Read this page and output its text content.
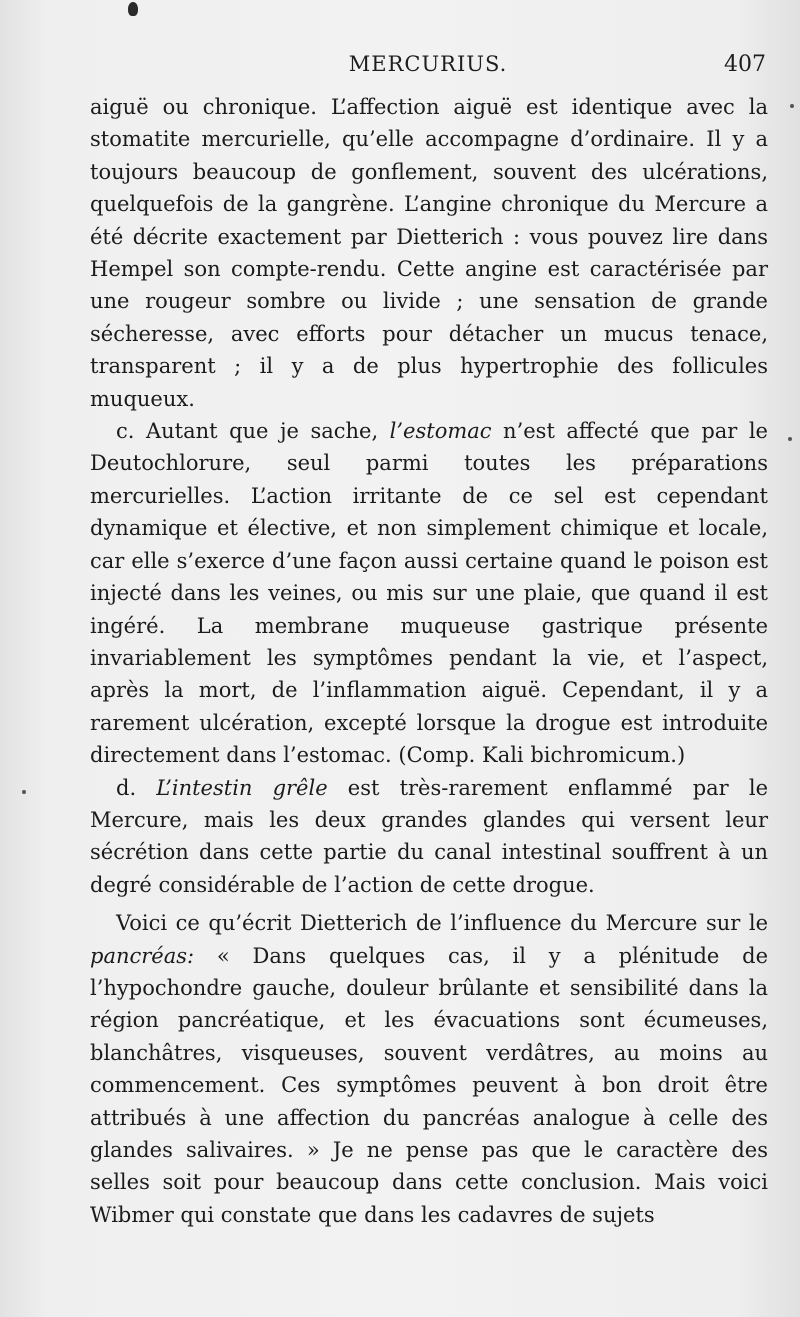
MERCURIUS.	407

aiguë ou chronique. L’affection aiguë est identique avec la stomatite mercurielle, qu’elle accompagne d’ordinaire. Il y a toujours beaucoup de gonflement, souvent des ulcérations, quelquefois de la gangrène. L’angine chronique du Mercure a été décrite exactement par Dietterich : vous pouvez lire dans Hempel son compte-rendu. Cette angine est caractérisée par une rougeur sombre ou livide ; une sensation de grande sécheresse, avec efforts pour détacher un mucus tenace, transparent ; il y a de plus hypertrophie des follicules muqueux.

c. Autant que je sache, l’estomac n’est affecté que par le Deutochlorure, seul parmi toutes les préparations mercurielles. L’action irritante de ce sel est cependant dynamique et élective, et non simplement chimique et locale, car elle s’exerce d’une façon aussi certaine quand le poison est injecté dans les veines, ou mis sur une plaie, que quand il est ingéré. La membrane muqueuse gastrique présente invariablement les symptômes pendant la vie, et l’aspect, après la mort, de l’inflammation aiguë. Cependant, il y a rarement ulcération, excepté lorsque la drogue est introduite directement dans l’estomac. (Comp. Kali bichromicum.)

d. L’intestin grêle est très-rarement enflammé par le Mercure, mais les deux grandes glandes qui versent leur sécrétion dans cette partie du canal intestinal souffrent à un degré considérable de l’action de cette drogue.

Voici ce qu’écrit Dietterich de l’influence du Mercure sur le pancréas: « Dans quelques cas, il y a plénitude de l’hypochondre gauche, douleur brûlante et sensibilité dans la région pancréatique, et les évacuations sont écumeuses, blanchâtres, visqueuses, souvent verdâtres, au moins au commencement. Ces symptômes peuvent à bon droit être attribués à une affection du pancréas analogue à celle des glandes salivaires. » Je ne pense pas que le caractère des selles soit pour beaucoup dans cette conclusion. Mais voici Wibmer qui constate que dans les cadavres de sujets
